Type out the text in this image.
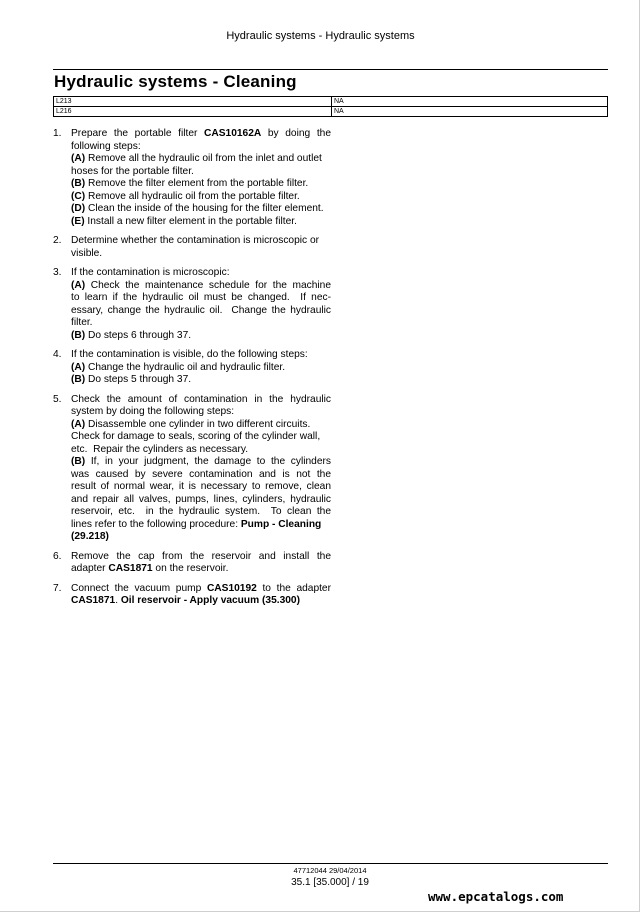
Hydraulic systems - Hydraulic systems
Hydraulic systems - Cleaning
L213	NA
L216	NA
1. Prepare the portable filter CAS10162A by doing the
following steps:
(A) Remove all the hydraulic oil from the inlet and outlet
hoses for the portable filter.
(B) Remove the filter element from the portable filter.
(C) Remove all hydraulic oil from the portable filter.
(D) Clean the inside of the housing for the filter element.
(E) Install a new filter element in the portable filter.
2. Determine whether the contamination is microscopic or
visible.
3. If the contamination is microscopic:
(A) Check the maintenance schedule for the machine
to learn if the hydraulic oil must be changed.  If nec-
essary, change the hydraulic oil.  Change the hydraulic
filter.
(B) Do steps 6 through 37.
4. If the contamination is visible, do the following steps:
(A) Change the hydraulic oil and hydraulic filter.
(B) Do steps 5 through 37.
5. Check the amount of contamination in the hydraulic
system by doing the following steps:
(A) Disassemble one cylinder in two different circuits.
Check for damage to seals, scoring of the cylinder wall,
etc.  Repair the cylinders as necessary.
(B) If, in your judgment, the damage to the cylinders
was caused by severe contamination and is not the
result of normal wear, it is necessary to remove, clean
and repair all valves, pumps, lines, cylinders, hydraulic
reservoir, etc.  in the hydraulic system.  To clean the
lines refer to the following procedure: Pump - Cleaning
(29.218)
6. Remove the cap from the reservoir and install the
adapter CAS1871 on the reservoir.
7. Connect the vacuum pump CAS10192 to the adapter
CAS1871. Oil reservoir - Apply vacuum (35.300)
47712044 29/04/2014
35.1 [35.000] / 19
www.epcatalogs.com
